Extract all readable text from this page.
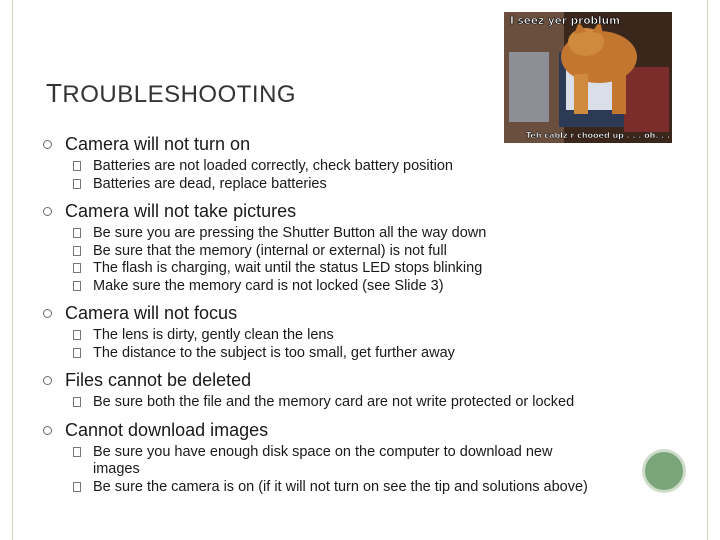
TROUBLESHOOTING
I seez yer problum
Teh cablz r chooed up . . . oh. . .
Camera will not turn on
Batteries are not loaded correctly, check battery position
Batteries are dead, replace batteries
Camera will not take pictures
Be sure you are pressing the Shutter Button all the way down
Be sure that the memory (internal or external) is not full
The flash is charging, wait until the status LED stops blinking
Make sure the memory card is not locked (see Slide 3)
Camera will not focus
The lens is dirty, gently clean the lens
The distance to the subject is too small, get further away
Files cannot be deleted
Be sure both the file and the memory card are not write protected or locked
Cannot download images
Be sure you have enough disk space on the computer to download new images
Be sure the camera is on (if it will not turn on see the tip and solutions above)
